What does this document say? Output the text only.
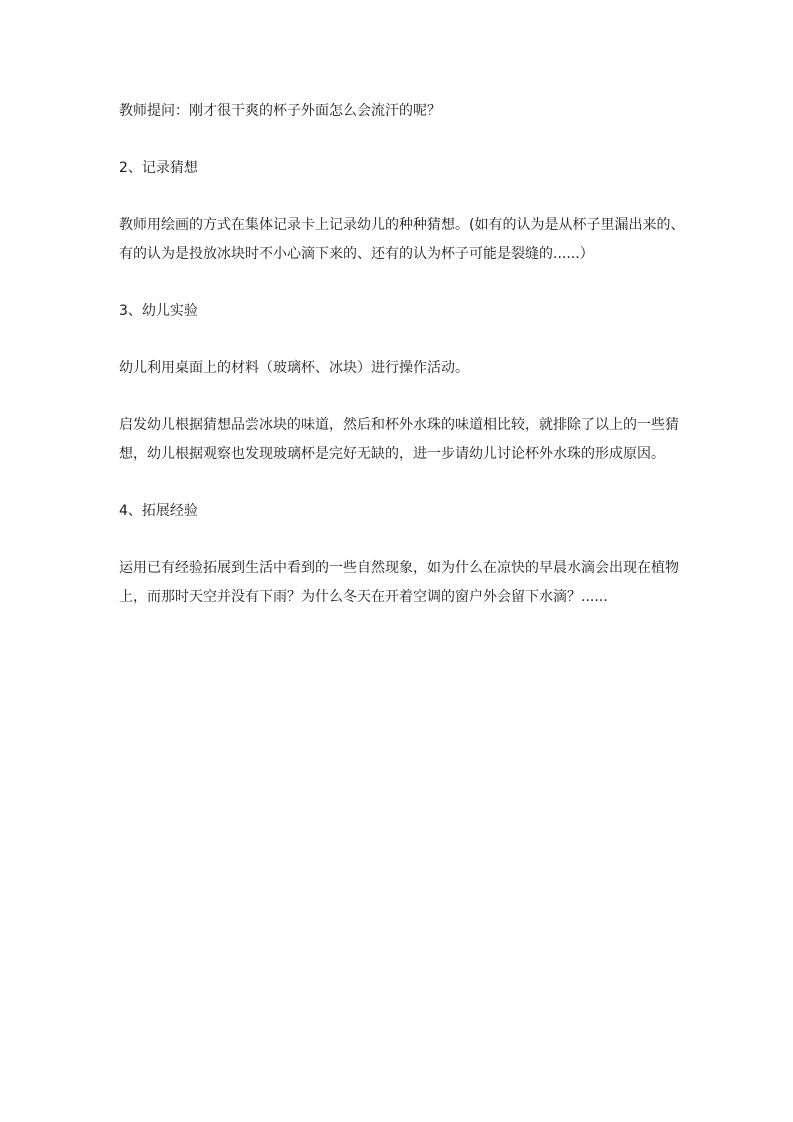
教师提问：刚才很干爽的杯子外面怎么会流汗的呢？

2、记录猜想

教师用绘画的方式在集体记录卡上记录幼儿的种种猜想。(如有的认为是从杯子里漏出来的、
有的认为是投放冰块时不小心滴下来的、还有的认为杯子可能是裂缝的......）

3、幼儿实验

幼儿利用桌面上的材料（玻璃杯、冰块）进行操作活动。

启发幼儿根据猜想品尝冰块的味道，然后和杯外水珠的味道相比较，就排除了以上的一些猜
想，幼儿根据观察也发现玻璃杯是完好无缺的，进一步请幼儿讨论杯外水珠的形成原因。

4、拓展经验

运用已有经验拓展到生活中看到的一些自然现象，如为什么在凉快的早晨水滴会出现在植物
上，而那时天空并没有下雨？为什么冬天在开着空调的窗户外会留下水滴？......
